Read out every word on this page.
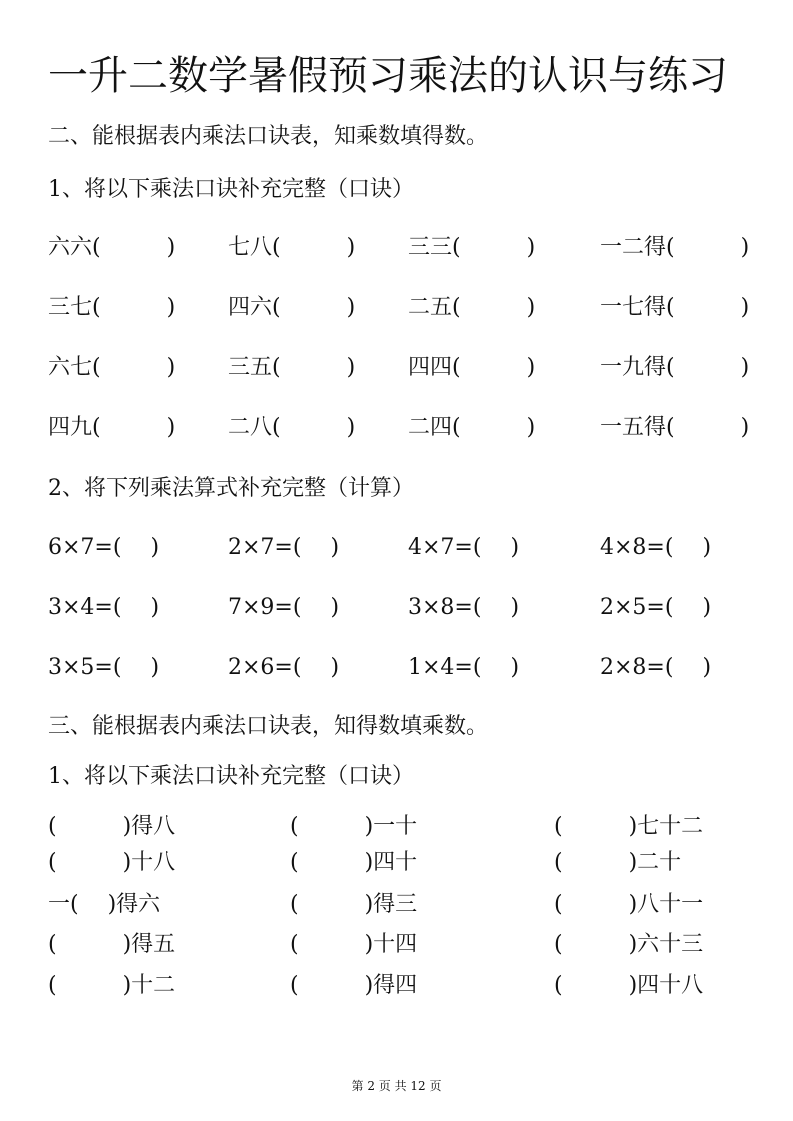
一升二数学暑假预习乘法的认识与练习
二、能根据表内乘法口诀表，知乘数填得数。
1、将以下乘法口诀补充完整（口诀）
六六(　　　) 七八(　　　) 三三(　　　)	一二得(　　　)
三七(　　　) 四六(　　　) 二五(　　　)	一七得(　　　)
六七(　　　) 三五(　　　) 四四(　　　)	一九得(　　　)
四九(　　　) 二八(　　　) 二四(　　　)	一五得(　　　)
2、将下列乘法算式补充完整（计算）
6×7=(　 )	2×7=(　 )	4×7=(　 )	4×8=(　 )
3×4=(　 )	7×9=(　 )	3×8=(　 )	2×5=(　 )
3×5=(　 )	2×6=(　 )	1×4=(　 )	2×8=(　 )
三、能根据表内乘法口诀表，知得数填乘数。
1、将以下乘法口诀补充完整（口诀）
(　　　)得八	(　　　)一十	(　　　)七十二
(　　　)十八	(　　　)四十	(　　　)二十
一(　 )得六	(　　　)得三	(　　　)八十一
(　　　)得五	(　　　)十四	(　　　)六十三
(　　　)十二	(　　　)得四	(　　　)四十八
第 2 页 共 12 页
